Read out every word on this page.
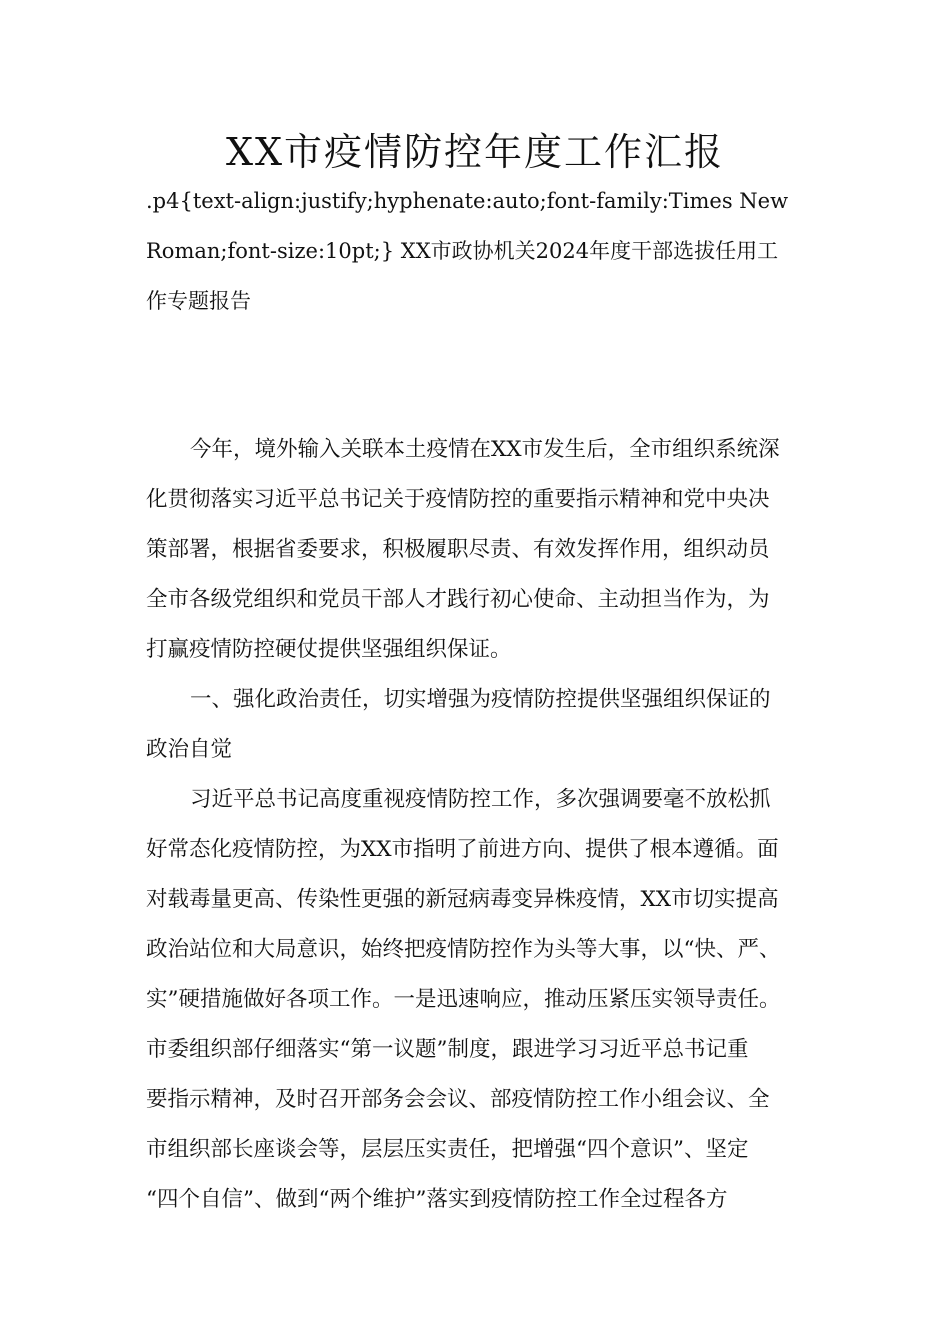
XX市疫情防控年度工作汇报
.p4{text-align:justify;hyphenate:auto;font-family:Times New
Roman;font-size:10pt;} XX市政协机关2024年度干部选拔任用工
作专题报告
今年，境外输入关联本土疫情在XX市发生后，全市组织系统深
化贯彻落实习近平总书记关于疫情防控的重要指示精神和党中央决
策部署，根据省委要求，积极履职尽责、有效发挥作用，组织动员
全市各级党组织和党员干部人才践行初心使命、主动担当作为，为
打赢疫情防控硬仗提供坚强组织保证。
一、强化政治责任，切实增强为疫情防控提供坚强组织保证的
政治自觉
习近平总书记高度重视疫情防控工作，多次强调要毫不放松抓
好常态化疫情防控，为XX市指明了前进方向、提供了根本遵循。面
对载毒量更高、传染性更强的新冠病毒变异株疫情，XX市切实提高
政治站位和大局意识，始终把疫情防控作为头等大事，以“快、严、
实”硬措施做好各项工作。一是迅速响应，推动压紧压实领导责任。
市委组织部仔细落实“第一议题”制度，跟进学习习近平总书记重
要指示精神，及时召开部务会会议、部疫情防控工作小组会议、全
市组织部长座谈会等，层层压实责任，把增强“四个意识”、坚定
“四个自信”、做到“两个维护”落实到疫情防控工作全过程各方
